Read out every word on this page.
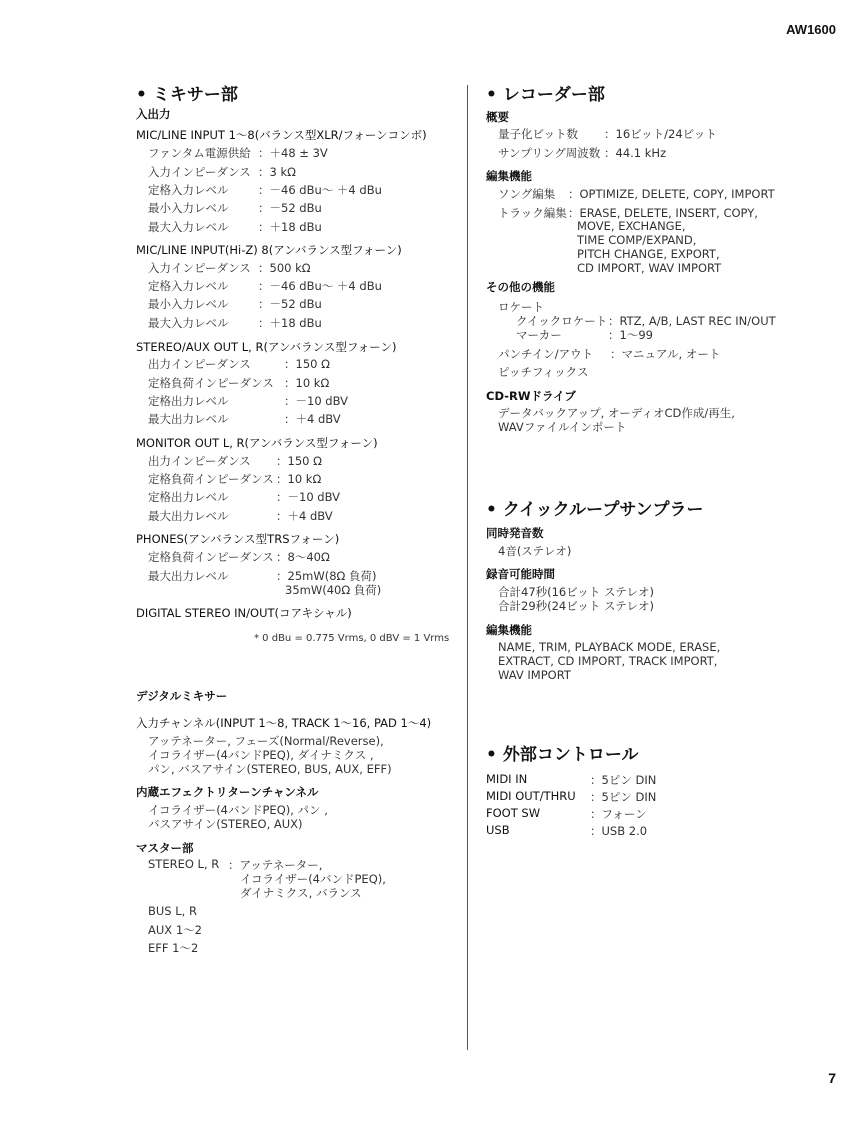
AW1600
• ミキサー部
入出力
MIC/LINE INPUT 1～8(バランス型XLR/フォーンコンボ)
ファンタム電源供給 ：＋48 ± 3V
入力インピーダンス ：3 kΩ
定格入力レベル	：－46 dBu～ ＋4 dBu
最小入力レベル	：－52 dBu
最大入力レベル	：＋18 dBu
MIC/LINE INPUT(Hi-Z) 8(アンバランス型フォーン)
入力インピーダンス ：500 kΩ
定格入力レベル	：－46 dBu～ ＋4 dBu
最小入力レベル	：－52 dBu
最大入力レベル	：＋18 dBu
STEREO/AUX OUT L, R(アンバランス型フォーン)
出力インピーダンス	：150 Ω
定格負荷インピーダンス ：10 kΩ
定格出力レベル	：－10 dBV
最大出力レベル	：＋4 dBV
MONITOR OUT L, R(アンバランス型フォーン)
出力インピーダンス ：150 Ω
定格負荷インピーダンス ：10 kΩ
定格出力レベル	：－10 dBV
最大出力レベル	：＋4 dBV
PHONES(アンバランス型TRSフォーン)
定格負荷インピーダンス ：8～40Ω
最大出力レベル	：25mW(8Ω 負荷)
35mW(40Ω 負荷)
DIGITAL STEREO IN/OUT(コアキシャル)
* 0 dBu = 0.775 Vrms, 0 dBV = 1 Vrms
デジタルミキサー
入力チャンネル(INPUT 1～8, TRACK 1～16, PAD 1～4)
アッテネーター, フェーズ(Normal/Reverse),
イコライザー(4バンドPEQ), ダイナミクス ,
パン, バスアサイン(STEREO, BUS, AUX, EFF)
内蔵エフェクトリターンチャンネル
イコライザー(4バンドPEQ), パン ,
バスアサイン(STEREO, AUX)
マスター部
STEREO L, R ：アッテネーター,
イコライザー(4バンドPEQ),
ダイナミクス, バランス
BUS L, R
AUX 1～2
EFF 1～2
• レコーダー部
概要
量子化ビット数 ：16ビット/24ビット
サンプリング周波数 ：44.1 kHz
編集機能
ソング編集 ：OPTIMIZE, DELETE, COPY, IMPORT
トラック編集 ：ERASE, DELETE, INSERT, COPY,
MOVE, EXCHANGE,
TIME COMP/EXPAND,
PITCH CHANGE, EXPORT,
CD IMPORT, WAV IMPORT
その他の機能
ロケート
クイックロケート ：RTZ, A/B, LAST REC IN/OUT
マーカー	：1～99
パンチイン/アウト ：マニュアル, オート
ピッチフィックス
CD-RWドライブ
データバックアップ, オーディオCD作成/再生,
WAVファイルインポート
• クイックループサンプラー
同時発音数
4音(ステレオ)
録音可能時間
合計47秒(16ビット ステレオ)
合計29秒(24ビット ステレオ)
編集機能
NAME, TRIM, PLAYBACK MODE, ERASE,
EXTRACT, CD IMPORT, TRACK IMPORT,
WAV IMPORT
• 外部コントロール
MIDI IN	：5ピン DIN
MIDI OUT/THRU ：5ピン DIN
FOOT SW	：フォーン
USB	：USB 2.0
7
